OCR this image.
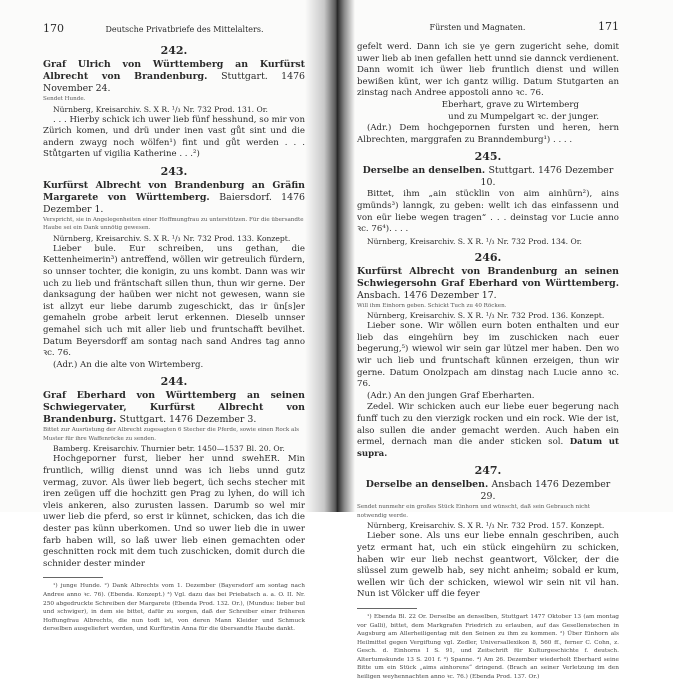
170	Deutsche Privatbriefe des Mittelalters.
242.
Graf Ulrich von Württemberg an Kurfürst Albrecht von Brandenburg. Stuttgart. 1476 November 24.
Sendet Hunde.
Nürnberg, Kreisarchiv. S. X R. ¹/₃ Nr. 732 Prod. 131. Or.
. . . Hierby schick ich uwer lieb fünf hesshund, so mir von Zürich komen, und drü under inen vast gůt sint und die andern zwayg noch wölfen¹) fint und gůt werden . . . Stůtgarten uf vigilia Katherine . . .²)
243.
Kurfürst Albrecht von Brandenburg an Gräfin Margarete von Württemberg. Baiersdorf. 1476 Dezember 1.
Verspricht, sie in Angelegenheiten einer Hoffmungfrau zu unterstützen. Für die übersandte Haube sei ein Dank unnötig gewesen.
Nürnberg, Kreisarchiv. S. X R. ¹/₃ Nr. 732 Prod. 133. Konzept.
Lieber bule. Eur schreiben, uns gethan, die Kettenheimerin³) antreffend, wöllen wir getreulich fürdern, so unnser tochter, die konigin, zu uns kombt. Dann was wir uch zu lieb und fräntschaft sillen thun, thun wir gerne. Der danksagung der haüben wer nicht not gewesen, wann sie ist allzyt eur liebe darumb zugeschickt, das ir ün[s]er gemaheln grobe arbeit lerut erkennen. Dieselb unnser gemahel sich uch mit aller lieb und fruntschafft bevilhet. Datum Beyersdorff am sontag nach sand Andres tag anno ꝛc. 76.
(Adr.) An die alte von Wirtemberg.
244.
Graf Eberhard von Württemberg an seinen Schwiegervater, Kurfürst Albrecht von Brandenburg. Stuttgart. 1476 Dezember 3.
Bittet zur Ausrüstung der Albrecht zugesagten 6 Stecher die Pferde, sowie einen Rock als Muster für ihre Waffenröcke zu senden.
Bamberg. Kreisarchiv. Thurnier betr. 1450—1537 Bl. 20. Or.
Hochgeporner furst, lieber her unnd swehER. Min fruntlich, willig dienst unnd was ich liebs unnd gutz vermag, zuvor. Als üwer lieb begert, üch sechs stecher mit iren zeügen uff die hochzitt gen Prag zu lyhen, do will ich vleis ankeren, also zurusten lassen. Darumb so wel mir uwer lieb die pferd, so erst ir künnet, schicken, das ich die dester pas künn uberkomen. Und so uwer lieb die in uwer farb haben will, so laß uwer lieb einen gemachten oder geschnitten rock mit dem tuch zuschicken, domit durch die schnider dester minder
¹) junge Hunde. ²) Dank Albrechts vom 1. Dezember (Bayersdorf am sontag nach Andree anno ꝛc. 76). (Ebenda. Konzept.) ³) Vgl. dazu das bei Priebatsch a. a. O. II. Nr. 250 abgedruckte Schreiben der Margarete (Ebenda Prod. 132. Or.), (Mundus: lieber bul und schwiger), in dem sie bittet, dafür zu sorgen, daß der Schreiber einer früheren Hoffungfrau Albrechts, die nun todt ist, von deren Mann Kleider und Schmuck derselben ausgeliefert werden, und Kurfürstin Anna für die übersandte Haube dankt.
Fürsten und Magnaten.	171
gefelt werd. Dann ich sie ye gern zugericht sehe, domit uwer lieb ab inen gefallen hett unnd sie dannck verdienent. Dann womit ich üwer lieb fruntlich dienst und willen bewißen künt, wer ich gantz willig. Datum Stutgarten an zinstag nach Andree appostoli anno ꝛc. 76.
Eberhart, grave zu Wirtemberg
und zu Mumpelgart ꝛc. der junger.
(Adr.) Dem hochgepornen fursten und heren, hern Albrechten, marggrafen zu Branndemburg¹) . . . .
245.
Derselbe an denselben. Stuttgart. 1476 Dezember 10.
Bittet, ihm „ain stücklin von aim ainhürn²), ains gmünds³) lanngk, zu geben: wellt ich das einfassenn und von eür liebe wegen tragen“ . . . deinstag vor Lucie anno ꝛc. 76⁴). . . .
Nürnberg, Kreisarchiv. S. X R. ¹/₃ Nr. 732 Prod. 134. Or.
246.
Kurfürst Albrecht von Brandenburg an seinen Schwiegersohn Graf Eberhard von Württemberg. Ansbach. 1476 Dezember 17.
Will ihm Einhorn geben. Schickt Tuch zu 40 Röcken.
Nürnberg, Kreisarchiv. S. X R. ¹/₃ Nr. 732 Prod. 136. Konzept.
Lieber sone. Wir wöllen eurn boten enthalten und eur lieb das eingehürn bey im zuschicken nach euer begerung,⁵) wiewol wir sein gar lützel mer haben. Den wo wir uch lieb und fruntschaft künnen erzeigen, thun wir gerne. Datum Onolzpach am dinstag nach Lucie anno ꝛc. 76.
(Adr.) An den jungen Graf Eberharten.
Zedel. Wir schicken auch eur liebe euer begerung nach funff tuch zu den vierzigk rocken und ein rock. Wie der ist, also sullen die ander gemacht werden. Auch haben ein ermel, dernach man die ander sticken sol. Datum ut supra.
247.
Derselbe an denselben. Ansbach 1476 Dezember 29.
Sendet nunmehr ein großes Stück Einhorn und wünscht, daß sein Gebrauch nicht notwendig werde.
Nürnberg, Kreisarchiv. S. X R. ¹/₃ Nr. 732 Prod. 157. Konzept.
Lieber sone. Als uns eur liebe ennaln geschriben, auch yetz ermant hat, uch ein stück eingehürn zu schicken, haben wir eur lieb nechst geantwort, Völcker, der die slüssel zum gewelb hab, sey nicht anheim; sobald er kum, wellen wir üch der schicken, wiewol wir sein nit vil han. Nun ist Völcker uff die feyer
¹) Ebenda Bl. 22 Or. Derselbe an denselben, Stuttgart 1477 Oktober 13 (am montag vor Galli), bittet, dem Markgrafen Friedrich zu erlauben, auf das Gesellenstechen in Augsburg am Allerheiligentag mit den Seinen zu ihm zu kommen. ²) Über Einhorn als Heilmittel gegen Vergiftung vgl. Zedler, Universallexikon 8, 560 ff., ferner C. Cohn, z. Gesch. d. Einhorns I S. 91, und Zeitschrift für Kulturgeschichte f. deutsch. Altertumskunde 13 S. 201 f. ³) Spanne. ⁴) Am 26. Dezember wiederholt Eberhard seine Bitte um ein Stück „aims ainhorens“ dringend. (Brach an seiner Verletzung im den heiligen weyhennachten anno ꝛc. 76.) (Ebenda Prod. 137. Or.)
